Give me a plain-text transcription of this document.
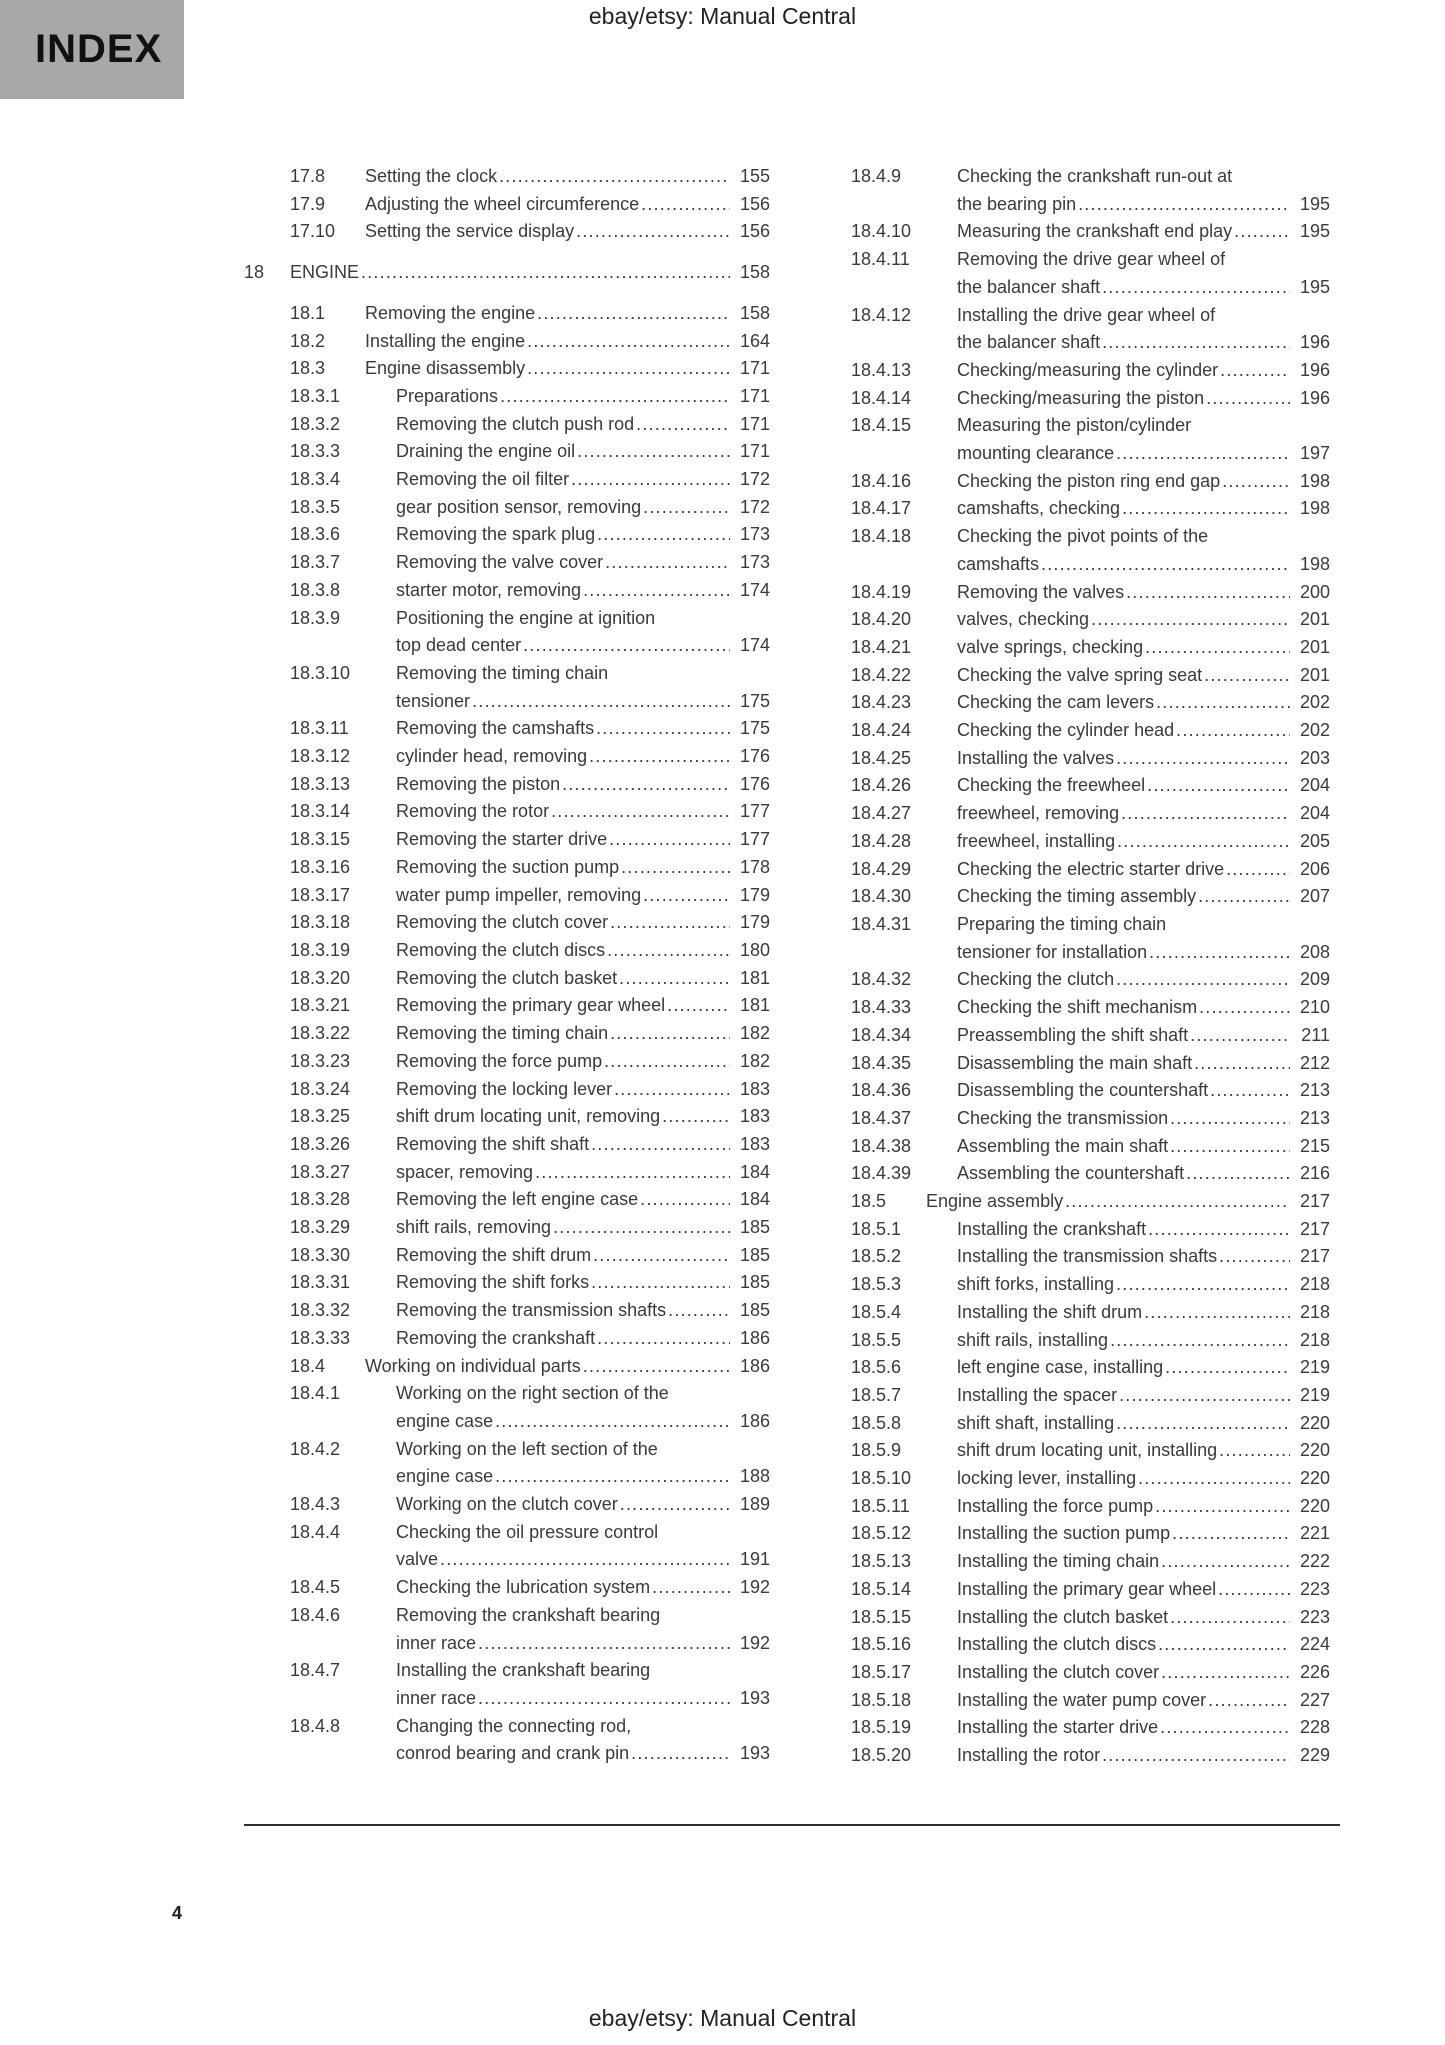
INDEX
ebay/etsy: Manual Central
17.8 Setting the clock .....	155
17.9 Adjusting the wheel circumference .....	156
17.10 Setting the service display .....	156
18 ENGINE .....	158
18.1 Removing the engine .....	158
18.2 Installing the engine .....	164
18.3 Engine disassembly .....	171
18.3.1	Preparations .....	171
18.3.2	Removing the clutch push rod .....	171
18.3.3	Draining the engine oil .....	171
18.3.4	Removing the oil filter .....	172
18.3.5	gear position sensor, removing .....	172
18.3.6	Removing the spark plug .....	173
18.3.7	Removing the valve cover .....	173
18.3.8	starter motor, removing .....	174
18.3.9	Positioning the engine at ignition
top dead center .....	174
18.3.10	Removing the timing chain
tensioner .....	175
18.3.11	Removing the camshafts .....	175
18.3.12	cylinder head, removing .....	176
18.3.13	Removing the piston .....	176
18.3.14	Removing the rotor .....	177
18.3.15	Removing the starter drive .....	177
18.3.16	Removing the suction pump .....	178
18.3.17	water pump impeller, removing .....	179
18.3.18	Removing the clutch cover .....	179
18.3.19	Removing the clutch discs .....	180
18.3.20	Removing the clutch basket .....	181
18.3.21	Removing the primary gear wheel .....	181
18.3.22	Removing the timing chain .....	182
18.3.23	Removing the force pump .....	182
18.3.24	Removing the locking lever .....	183
18.3.25	shift drum locating unit, removing .....	183
18.3.26	Removing the shift shaft .....	183
18.3.27	spacer, removing .....	184
18.3.28	Removing the left engine case .....	184
18.3.29	shift rails, removing .....	185
18.3.30	Removing the shift drum .....	185
18.3.31	Removing the shift forks .....	185
18.3.32	Removing the transmission shafts .....	185
18.3.33	Removing the crankshaft .....	186
18.4 Working on individual parts .....	186
18.4.1	Working on the right section of the
engine case .....	186
18.4.2	Working on the left section of the
engine case .....	188
18.4.3	Working on the clutch cover .....	189
18.4.4	Checking the oil pressure control
valve .....	191
18.4.5	Checking the lubrication system .....	192
18.4.6	Removing the crankshaft bearing
inner race .....	192
18.4.7	Installing the crankshaft bearing
inner race .....	193
18.4.8	Changing the connecting rod,
conrod bearing and crank pin .....	193
18.4.9	Checking the crankshaft run-out at
the bearing pin .....	195
18.4.10	Measuring the crankshaft end play .....	195
18.4.11	Removing the drive gear wheel of
the balancer shaft .....	195
18.4.12	Installing the drive gear wheel of
the balancer shaft .....	196
18.4.13	Checking/measuring the cylinder .....	196
18.4.14	Checking/measuring the piston .....	196
18.4.15	Measuring the piston/cylinder
mounting clearance .....	197
18.4.16	Checking the piston ring end gap .....	198
18.4.17	camshafts, checking .....	198
18.4.18	Checking the pivot points of the
camshafts .....	198
18.4.19	Removing the valves .....	200
18.4.20	valves, checking .....	201
18.4.21	valve springs, checking .....	201
18.4.22	Checking the valve spring seat .....	201
18.4.23	Checking the cam levers .....	202
18.4.24	Checking the cylinder head .....	202
18.4.25	Installing the valves .....	203
18.4.26	Checking the freewheel .....	204
18.4.27	freewheel, removing .....	204
18.4.28	freewheel, installing .....	205
18.4.29	Checking the electric starter drive .....	206
18.4.30	Checking the timing assembly .....	207
18.4.31	Preparing the timing chain
tensioner for installation .....	208
18.4.32	Checking the clutch .....	209
18.4.33	Checking the shift mechanism .....	210
18.4.34	Preassembling the shift shaft .....	211
18.4.35	Disassembling the main shaft .....	212
18.4.36	Disassembling the countershaft .....	213
18.4.37	Checking the transmission .....	213
18.4.38	Assembling the main shaft .....	215
18.4.39	Assembling the countershaft .....	216
18.5 Engine assembly .....	217
18.5.1	Installing the crankshaft .....	217
18.5.2	Installing the transmission shafts .....	217
18.5.3	shift forks, installing .....	218
18.5.4	Installing the shift drum .....	218
18.5.5	shift rails, installing .....	218
18.5.6	left engine case, installing .....	219
18.5.7	Installing the spacer .....	219
18.5.8	shift shaft, installing .....	220
18.5.9	shift drum locating unit, installing .....	220
18.5.10	locking lever, installing .....	220
18.5.11	Installing the force pump .....	220
18.5.12	Installing the suction pump .....	221
18.5.13	Installing the timing chain .....	222
18.5.14	Installing the primary gear wheel .....	223
18.5.15	Installing the clutch basket .....	223
18.5.16	Installing the clutch discs .....	224
18.5.17	Installing the clutch cover .....	226
18.5.18	Installing the water pump cover .....	227
18.5.19	Installing the starter drive .....	228
18.5.20	Installing the rotor .....	229
4
ebay/etsy: Manual Central
